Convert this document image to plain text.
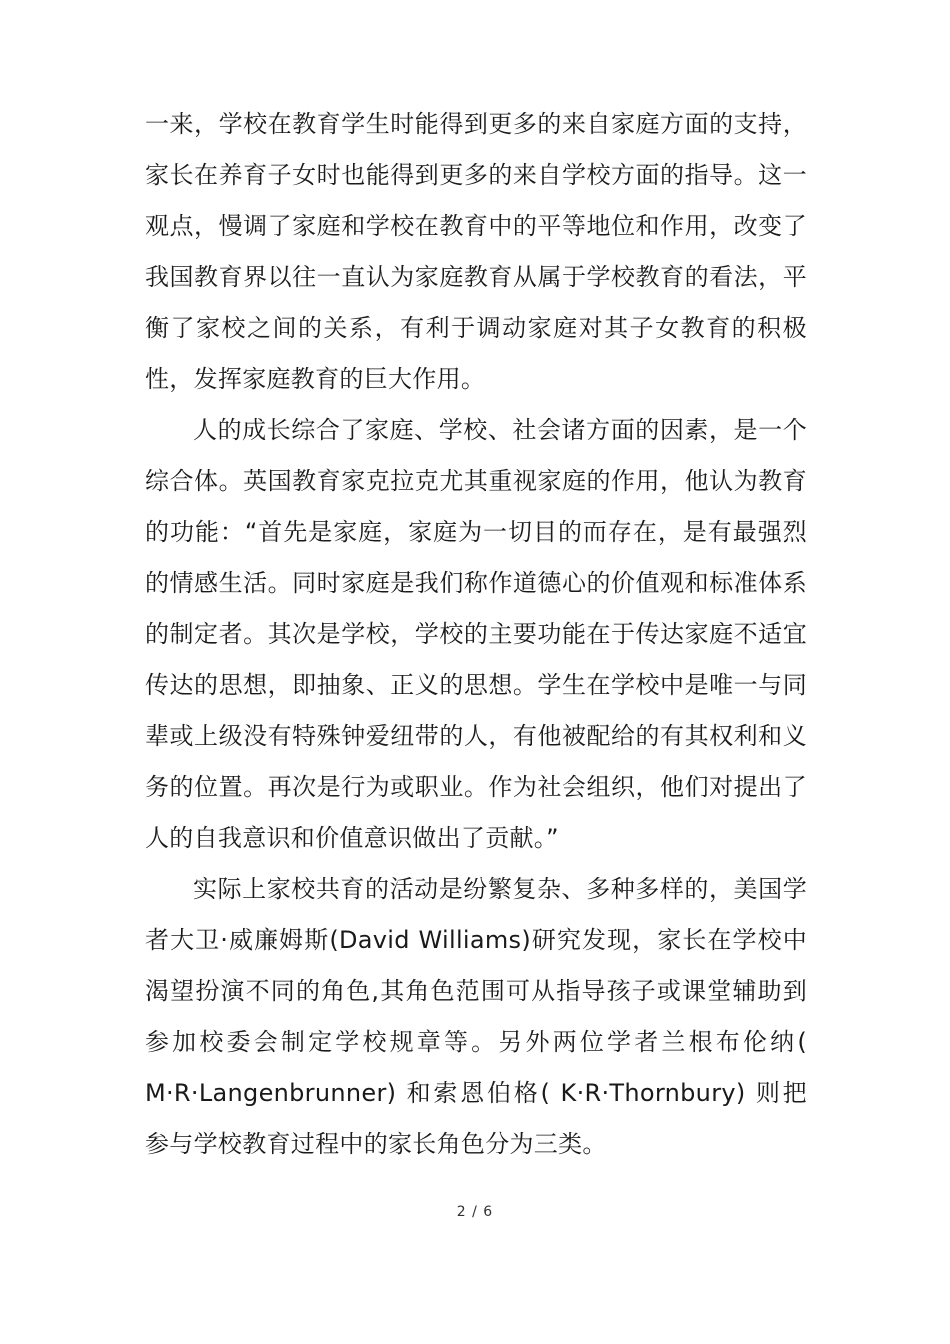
一来，学校在教育学生时能得到更多的来自家庭方面的支持，家长在养育子女时也能得到更多的来自学校方面的指导。这一观点，慢调了家庭和学校在教育中的平等地位和作用，改变了我国教育界以往一直认为家庭教育从属于学校教育的看法，平衡了家校之间的关系，有利于调动家庭对其子女教育的积极性，发挥家庭教育的巨大作用。

人的成长综合了家庭、学校、社会诸方面的因素，是一个综合体。英国教育家克拉克尤其重视家庭的作用，他认为教育的功能：“首先是家庭，家庭为一切目的而存在，是有最强烈的情感生活。同时家庭是我们称作道德心的价值观和标准体系的制定者。其次是学校，学校的主要功能在于传达家庭不适宜传达的思想，即抽象、正义的思想。学生在学校中是唯一与同辈或上级没有特殊钟爱纽带的人，有他被配给的有其权利和义务的位置。再次是行为或职业。作为社会组织，他们对提出了人的自我意识和价值意识做出了贡献。”

实际上家校共育的活动是纷繁复杂、多种多样的，美国学者大卫·威廉姆斯(David Williams)研究发现，家长在学校中渴望扮演不同的角色,其角色范围可从指导孩子或课堂辅助到参加校委会制定学校规章等。另外两位学者兰根布伦纳( M·R·Langenbrunner) 和索恩伯格( K·R·Thornbury) 则把参与学校教育过程中的家长角色分为三类。

2 / 6
